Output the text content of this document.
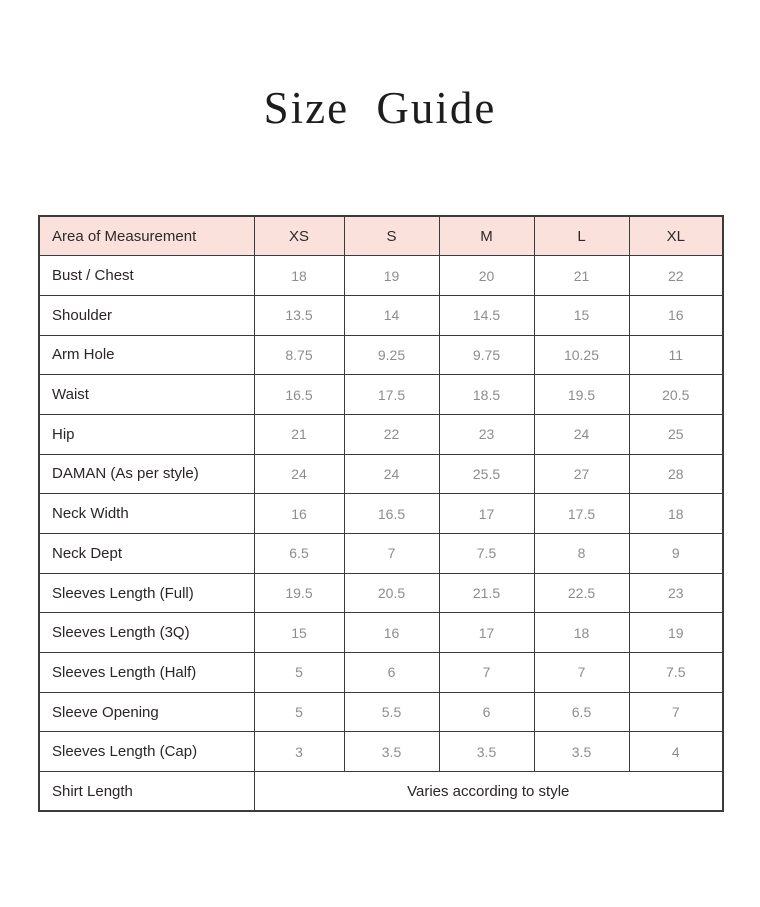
Size Guide
Area of Measurement	XS	S	M	L	XL
Bust / Chest	18	19	20	21	22
Shoulder	13.5	14	14.5	15	16
Arm Hole	8.75	9.25	9.75	10.25	11
Waist	16.5	17.5	18.5	19.5	20.5
Hip	21	22	23	24	25
DAMAN (As per style)	24	24	25.5	27	28
Neck Width	16	16.5	17	17.5	18
Neck Dept	6.5	7	7.5	8	9
Sleeves Length (Full)	19.5	20.5	21.5	22.5	23
Sleeves Length (3Q)	15	16	17	18	19
Sleeves Length (Half)	5	6	7	7	7.5
Sleeve Opening	5	5.5	6	6.5	7
Sleeves Length (Cap)	3	3.5	3.5	3.5	4
Shirt Length	Varies according to style				
